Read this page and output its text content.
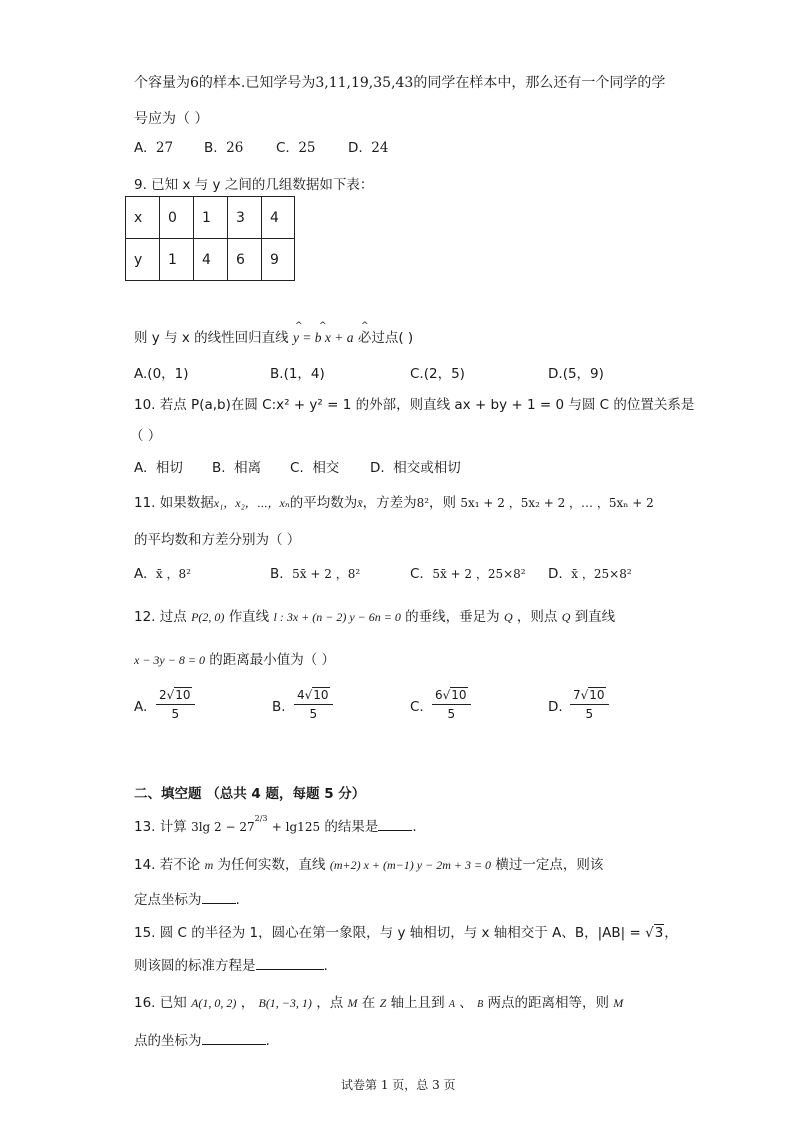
个容量为6的样本.已知学号为3,11,19,35,43的同学在样本中，那么还有一个同学的学
号应为（ ）
A. 27 B. 26 C. 25 D. 24
9. 已知 x 与 y 之间的几组数据如下表：
x	0	1	3	4
y	1	4	6	9
则 y 与 x 的线性回归直线
^ ^	^
y = b x + a 必过点( )
A.(0，1)	B.(1，4)	C.(2，5)	D.(5，9)
10. 若点 P(a,b)在圆 C:x² + y² = 1 的外部，则直线 ax + by + 1 = 0 与圆 C 的位置关系是
（ ）
A. 相切 B. 相离 C. 相交 D. 相交或相切
11. 如果数据x₁，x₂，⋯，xₙ的平均数为x̄，方差为8²，则 5x₁ + 2 ，5x₂ + 2 ，… ，5xₙ + 2
的平均数和方差分别为（ ）
A. x̄ ，8²	B. 5x̄ + 2 ，8²	C. 5x̄ + 2 ，25×8² D. x̄ ，25×8²
12. 过点 P(2, 0) 作直线 l : 3x + (n − 2) y − 6n = 0 的垂线，垂足为 Q ，则点 Q 到直线
x − 3y − 8 = 0 的距离最小值为（ ）
A. $\frac{2√10}{5}$	B. $\frac{4√10}{5}$	C. $\frac{6√10}{5}$	D. $\frac{7√10}{5}$
二、填空题 （总共 4 题，每题 5 分）
13. 计算 3lg $2 - 27^{2/3} + \lg 125$ 的结果是	.
14. 若不论 m 为任何实数，直线 (m+2) x + (m−1) y − 2m + 3 = 0 横过一定点，则该
定点坐标为	.
15. 圆 C 的半径为 1，圆心在第一象限，与 y 轴相切，与 x 轴相交于 A、B，|AB| = √3，
则该圆的标准方程是	.
16. 已知 A(1, 0, 2) ， B(1, −3, 1) ，点 M 在 Z 轴上且到 A 、 B 两点的距离相等，则 M
点的坐标为	.
试卷第 1 页，总 3 页
